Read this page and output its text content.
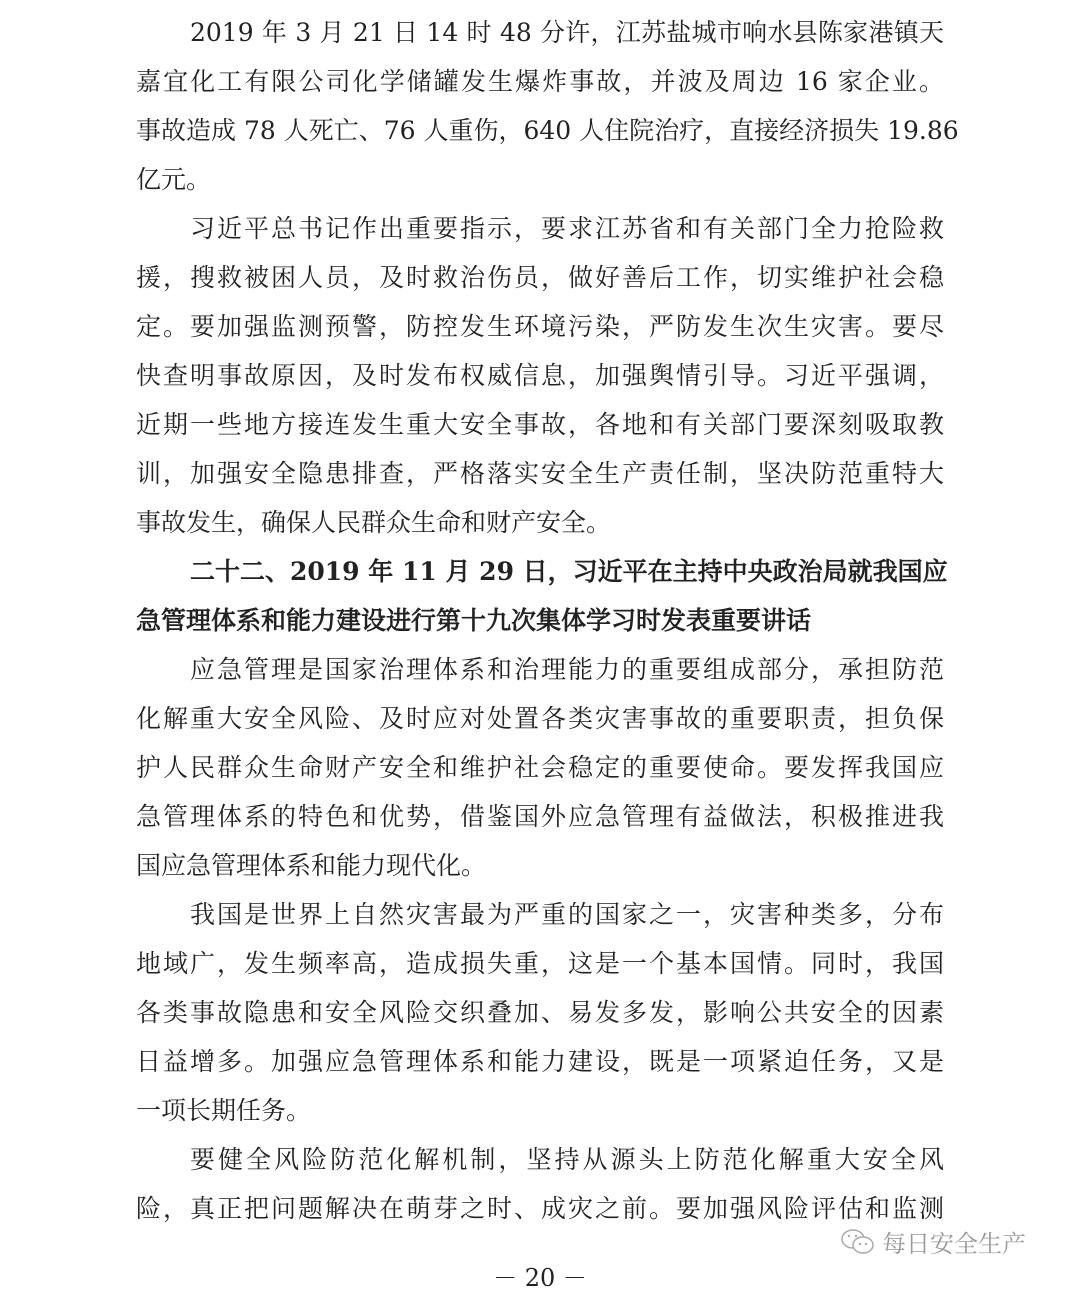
2019 年 3 月 21 日 14 时 48 分许，江苏盐城市响水县陈家港镇天
嘉宜化工有限公司化学储罐发生爆炸事故，并波及周边 16 家企业。
事故造成 78 人死亡、76 人重伤，640 人住院治疗，直接经济损失 19.86
亿元。
习近平总书记作出重要指示，要求江苏省和有关部门全力抢险救
援，搜救被困人员，及时救治伤员，做好善后工作，切实维护社会稳
定。要加强监测预警，防控发生环境污染，严防发生次生灾害。要尽
快查明事故原因，及时发布权威信息，加强舆情引导。习近平强调，
近期一些地方接连发生重大安全事故，各地和有关部门要深刻吸取教
训，加强安全隐患排查，严格落实安全生产责任制，坚决防范重特大
事故发生，确保人民群众生命和财产安全。
二十二、2019 年 11 月 29 日，习近平在主持中央政治局就我国应
急管理体系和能力建设进行第十九次集体学习时发表重要讲话
应急管理是国家治理体系和治理能力的重要组成部分，承担防范
化解重大安全风险、及时应对处置各类灾害事故的重要职责，担负保
护人民群众生命财产安全和维护社会稳定的重要使命。要发挥我国应
急管理体系的特色和优势，借鉴国外应急管理有益做法，积极推进我
国应急管理体系和能力现代化。
我国是世界上自然灾害最为严重的国家之一，灾害种类多，分布
地域广，发生频率高，造成损失重，这是一个基本国情。同时，我国
各类事故隐患和安全风险交织叠加、易发多发，影响公共安全的因素
日益增多。加强应急管理体系和能力建设，既是一项紧迫任务，又是
一项长期任务。
要健全风险防范化解机制，坚持从源头上防范化解重大安全风
险，真正把问题解决在萌芽之时、成灾之前。要加强风险评估和监测
－ 20 －
每日安全生产
